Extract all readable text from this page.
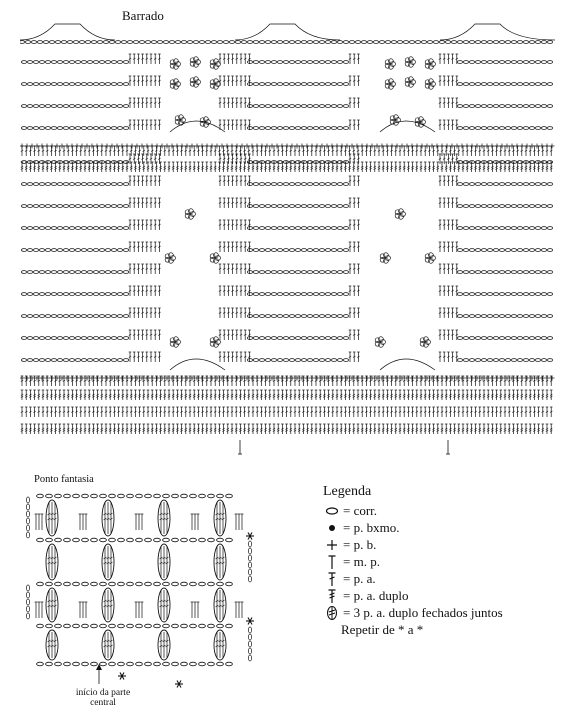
Barrado
Ponto fantasia
início da parte
central
Legenda
= corr.
= p. bxmo.
= p. b.
= m. p.
= p. a.
= p. a. duplo
= 3 p. a. duplo fechados juntos
Repetir de * a *
